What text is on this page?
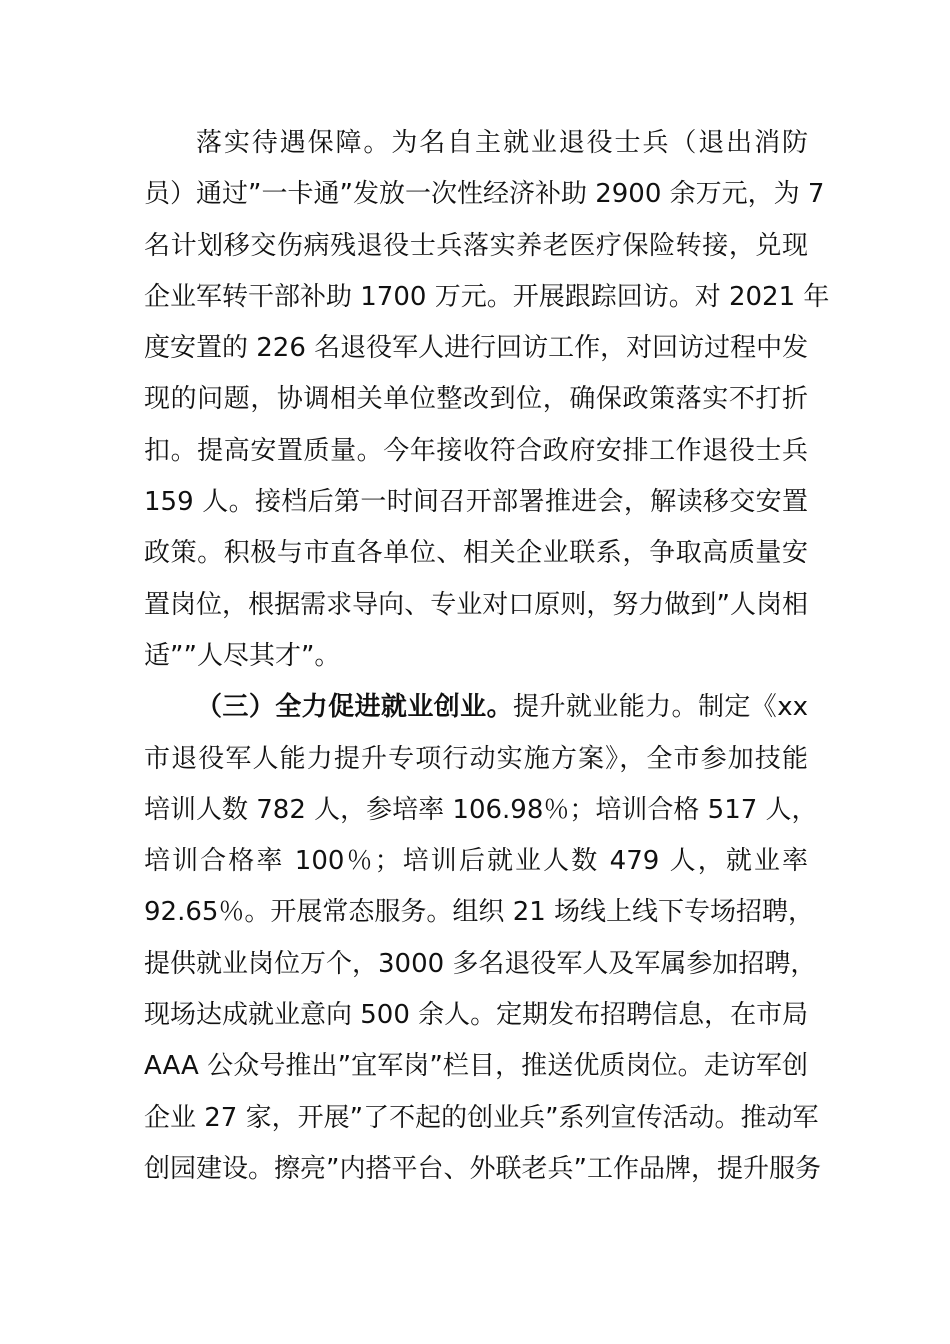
落实待遇保障。为名自主就业退役士兵（退出消防
员）通过”一卡通”发放一次性经济补助 2900 余万元，为 7
名计划移交伤病残退役士兵落实养老医疗保险转接，兑现
企业军转干部补助 1700 万元。开展跟踪回访。对 2021 年
度安置的 226 名退役军人进行回访工作，对回访过程中发
现的问题，协调相关单位整改到位，确保政策落实不打折
扣。提高安置质量。今年接收符合政府安排工作退役士兵
159 人。接档后第一时间召开部署推进会，解读移交安置
政策。积极与市直各单位、相关企业联系，争取高质量安
置岗位，根据需求导向、专业对口原则，努力做到”人岗相
适””人尽其才”。
（三）全力促进就业创业。提升就业能力。制定《xx
市退役军人能力提升专项行动实施方案》，全市参加技能
培训人数 782 人，参培率 106.98％；培训合格 517 人，
培训合格率 100％；培训后就业人数 479 人，就业率
92.65％。开展常态服务。组织 21 场线上线下专场招聘，
提供就业岗位万个，3000 多名退役军人及军属参加招聘，
现场达成就业意向 500 余人。定期发布招聘信息，在市局
AAA 公众号推出”宜军岗”栏目，推送优质岗位。走访军创
企业 27 家，开展”了不起的创业兵”系列宣传活动。推动军
创园建设。擦亮”内搭平台、外联老兵”工作品牌，提升服务
